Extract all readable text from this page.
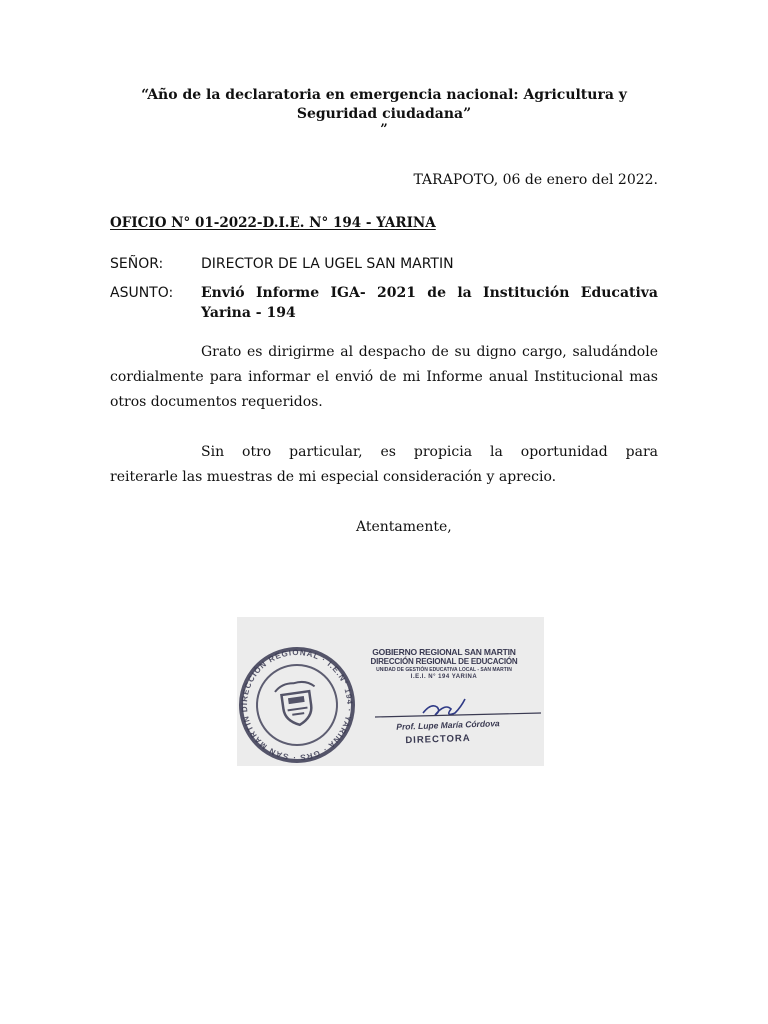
“Año de la declaratoria en emergencia nacional: Agricultura y Seguridad ciudadana”
”
TARAPOTO, 06 de enero del 2022.
OFICIO N° 01-2022-D.I.E. N° 194 - YARINA
SEÑOR:	DIRECTOR DE LA UGEL SAN MARTIN
ASUNTO: Envió Informe IGA- 2021 de la Institución Educativa
Yarina - 194
Grato es dirigirme al despacho de su digno cargo, saludándole cordialmente para informar el envió de mi Informe anual Institucional mas otros documentos requeridos.
Sin otro particular, es propicia la oportunidad para
reiterarle las muestras de mi especial consideración y aprecio.
Atentamente,
DIRECCIÓN REGIONAL · I.E.N° 194 · YARINA · GRS · SAN MARTIN
GOBIERNO REGIONAL SAN MARTIN
DIRECCIÓN REGIONAL DE EDUCACIÓN
UNIDAD DE GESTIÓN EDUCATIVA LOCAL - SAN MARTIN
I.E.I. N° 194 YARINA
Prof. Lupe María Córdova
DIRECTORA
